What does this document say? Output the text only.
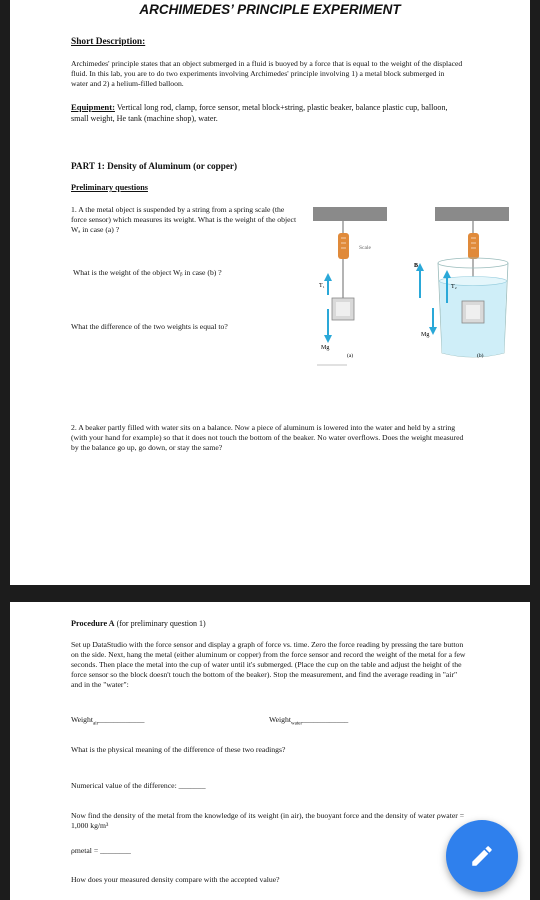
ARCHIMEDES’ PRINCIPLE EXPERIMENT

Short Description:

Archimedes' principle states that an object submerged in a fluid is buoyed by a force that is equal to the weight of the displaced fluid. In this lab, you are to do two experiments involving Archimedes' principle involving 1) a metal block submerged in water and 2) a helium-filled balloon.

Equipment: Vertical long rod, clamp, force sensor, metal block+string, plastic beaker, balance plastic cup, balloon, small weight, He tank (machine shop), water.

PART 1: Density of Aluminum (or copper)

Preliminary questions

1. A the metal object is suspended by a string from a spring scale (the force sensor) which measures its weight. What is the weight of the object Wₐ in case (a) ?

What is the weight of the object Wᵦ in case (b) ?

What the difference of the two weights is equal to?

Scale
T₁
Mg
(a)
B
T₂
Mg
(b)

2. A beaker partly filled with water sits on a balance. Now a piece of aluminum is lowered into the water and held by a string (with your hand for example) so that it does not touch the bottom of the beaker. No water overflows. Does the weight measured by the balance go up, go down, or stay the same?

Procedure A (for preliminary question 1)

Set up DataStudio with the force sensor and display a graph of force vs. time. Zero the force reading by pressing the tare button on the side. Next, hang the metal (either aluminum or copper) from the force sensor and record the weight of the metal for a few seconds. Then place the metal into the cup of water until it's submerged. (Place the cup on the table and adjust the height of the force sensor so the block doesn't touch the bottom of the beaker). Stop the measurement, and find the average reading in "air" and in the "water":

Weight$_{air}$____________	Weight$_{water}$____________

What is the physical meaning of the difference of these two readings?

Numerical value of the difference: _______

Now find the density of the metal from the knowledge of its weight (in air), the buoyant force and the density of water ρwater = 1,000 kg/m³

ρmetal = ________

How does your measured density compare with the accepted value?
